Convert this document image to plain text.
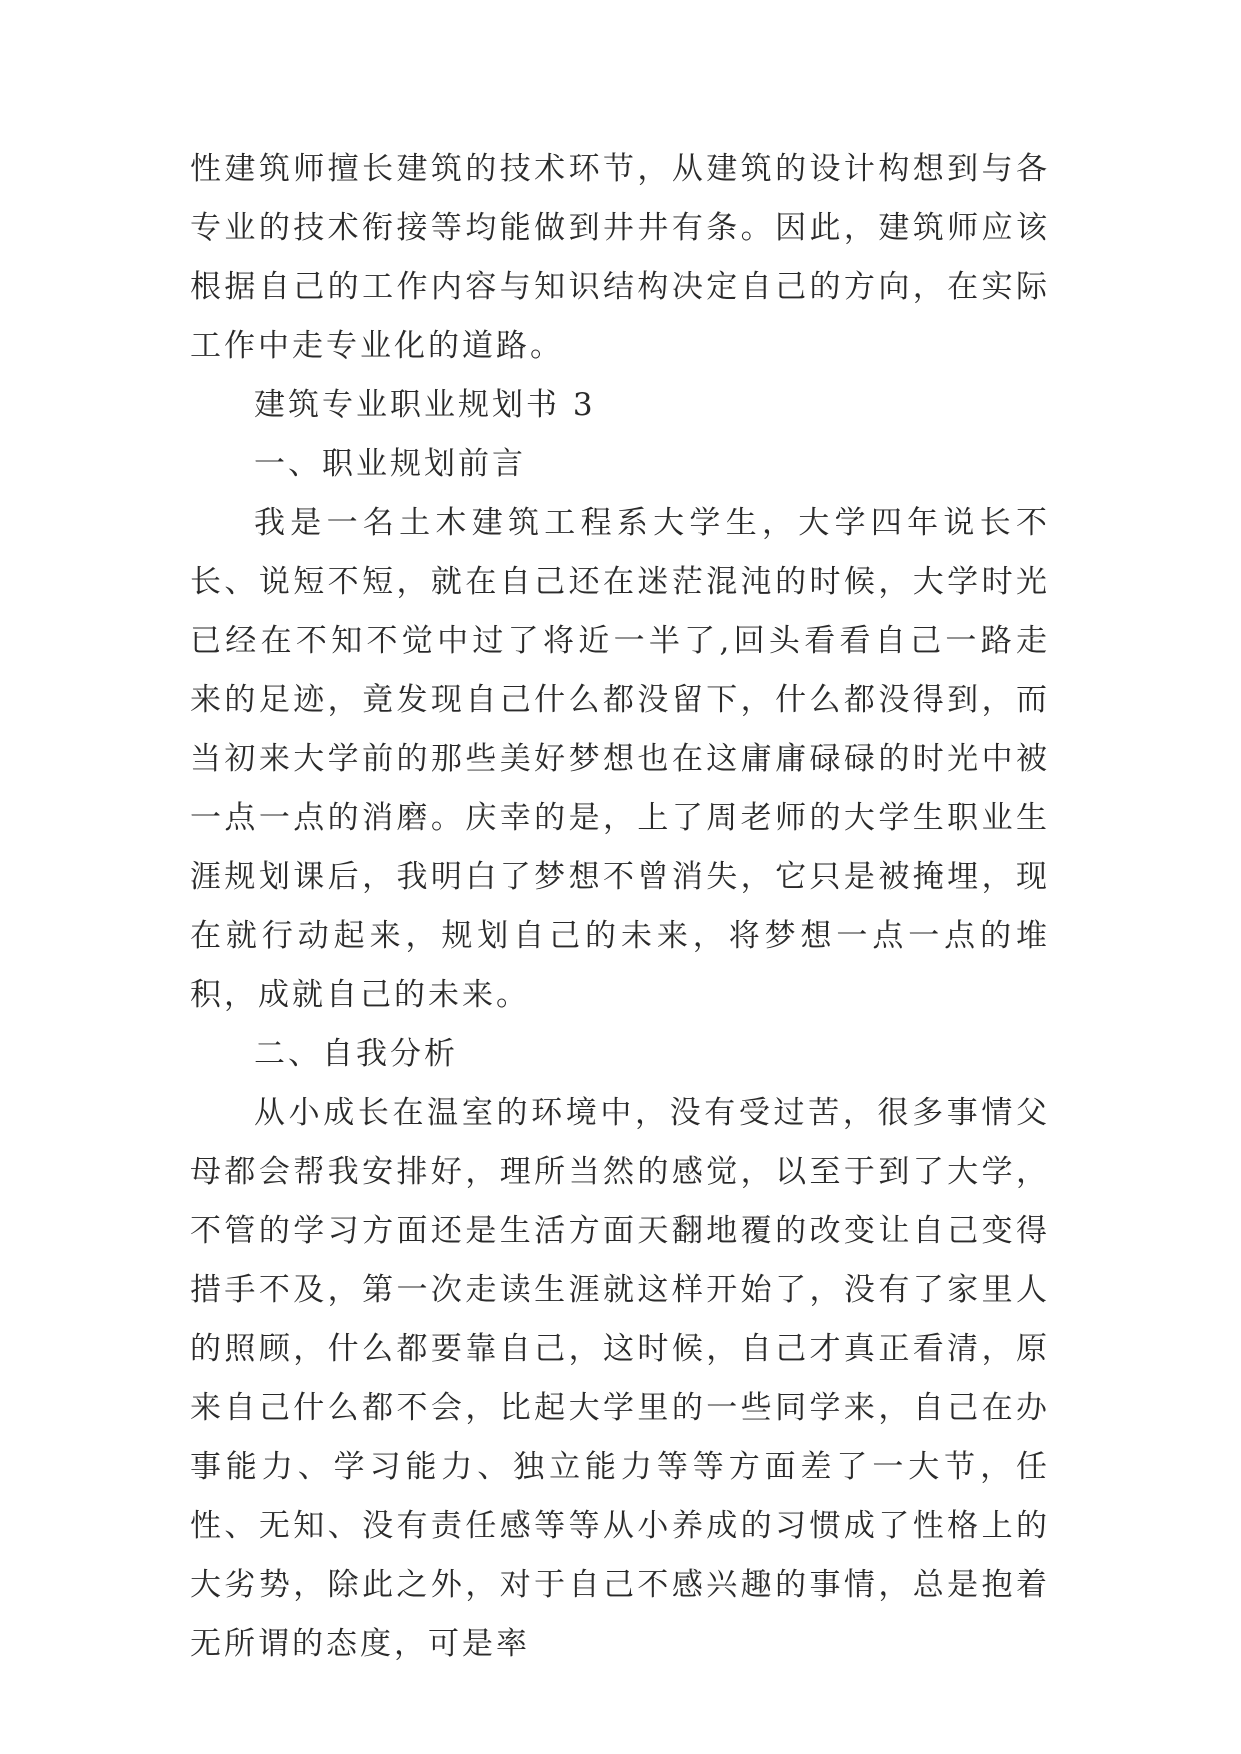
性建筑师擅长建筑的技术环节，从建筑的设计构想到与各专业的技术衔接等均能做到井井有条。因此，建筑师应该根据自己的工作内容与知识结构决定自己的方向，在实际工作中走专业化的道路。

建筑专业职业规划书 3

一、职业规划前言

我是一名土木建筑工程系大学生，大学四年说长不长、说短不短，就在自己还在迷茫混沌的时候，大学时光已经在不知不觉中过了将近一半了,回头看看自己一路走来的足迹，竟发现自己什么都没留下，什么都没得到，而当初来大学前的那些美好梦想也在这庸庸碌碌的时光中被一点一点的消磨。庆幸的是，上了周老师的大学生职业生涯规划课后，我明白了梦想不曾消失，它只是被掩埋，现在就行动起来，规划自己的未来，将梦想一点一点的堆积，成就自己的未来。

二、自我分析

从小成长在温室的环境中，没有受过苦，很多事情父母都会帮我安排好，理所当然的感觉，以至于到了大学，不管的学习方面还是生活方面天翻地覆的改变让自己变得措手不及，第一次走读生涯就这样开始了，没有了家里人的照顾，什么都要靠自己，这时候，自己才真正看清，原来自己什么都不会，比起大学里的一些同学来，自己在办事能力、学习能力、独立能力等等方面差了一大节，任性、无知、没有责任感等等从小养成的习惯成了性格上的大劣势，除此之外，对于自己不感兴趣的事情，总是抱着无所谓的态度，可是率
